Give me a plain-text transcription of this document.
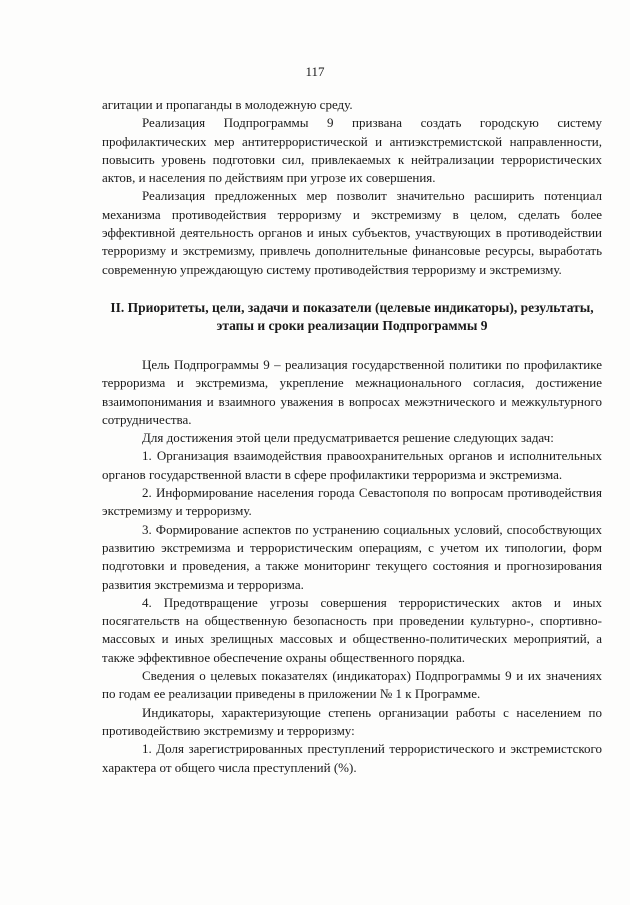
117

агитации и пропаганды в молодежную среду.

Реализация Подпрограммы 9 призвана создать городскую систему профилактических мер антитеррористической и антиэкстремистской направленности, повысить уровень подготовки сил, привлекаемых к нейтрализации террористических актов, и населения по действиям при угрозе их совершения.

Реализация предложенных мер позволит значительно расширить потенциал механизма противодействия терроризму и экстремизму в целом, сделать более эффективной деятельность органов и иных субъектов, участвующих в противодействии терроризму и экстремизму, привлечь дополнительные финансовые ресурсы, выработать современную упреждающую систему противодействия терроризму и экстремизму.

II. Приоритеты, цели, задачи и показатели (целевые индикаторы), результаты, этапы и сроки реализации Подпрограммы 9

Цель Подпрограммы 9 – реализация государственной политики по профилактике терроризма и экстремизма, укрепление межнационального согласия, достижение взаимопонимания и взаимного уважения в вопросах межэтнического и межкультурного сотрудничества.

Для достижения этой цели предусматривается решение следующих задач:

1. Организация взаимодействия правоохранительных органов и исполнительных органов государственной власти в сфере профилактики терроризма и экстремизма.

2. Информирование населения города Севастополя по вопросам противодействия экстремизму и терроризму.

3. Формирование аспектов по устранению социальных условий, способствующих развитию экстремизма и террористическим операциям, с учетом их типологии, форм подготовки и проведения, а также мониторинг текущего состояния и прогнозирования развития экстремизма и терроризма.

4. Предотвращение угрозы совершения террористических актов и иных посягательств на общественную безопасность при проведении культурно-, спортивно-массовых и иных зрелищных массовых и общественно-политических мероприятий, а также эффективное обеспечение охраны общественного порядка.

Сведения о целевых показателях (индикаторах) Подпрограммы 9 и их значениях по годам ее реализации приведены в приложении № 1 к Программе.

Индикаторы, характеризующие степень организации работы с населением по противодействию экстремизму и терроризму:

1. Доля зарегистрированных преступлений террористического и экстремистского характера от общего числа преступлений (%).
